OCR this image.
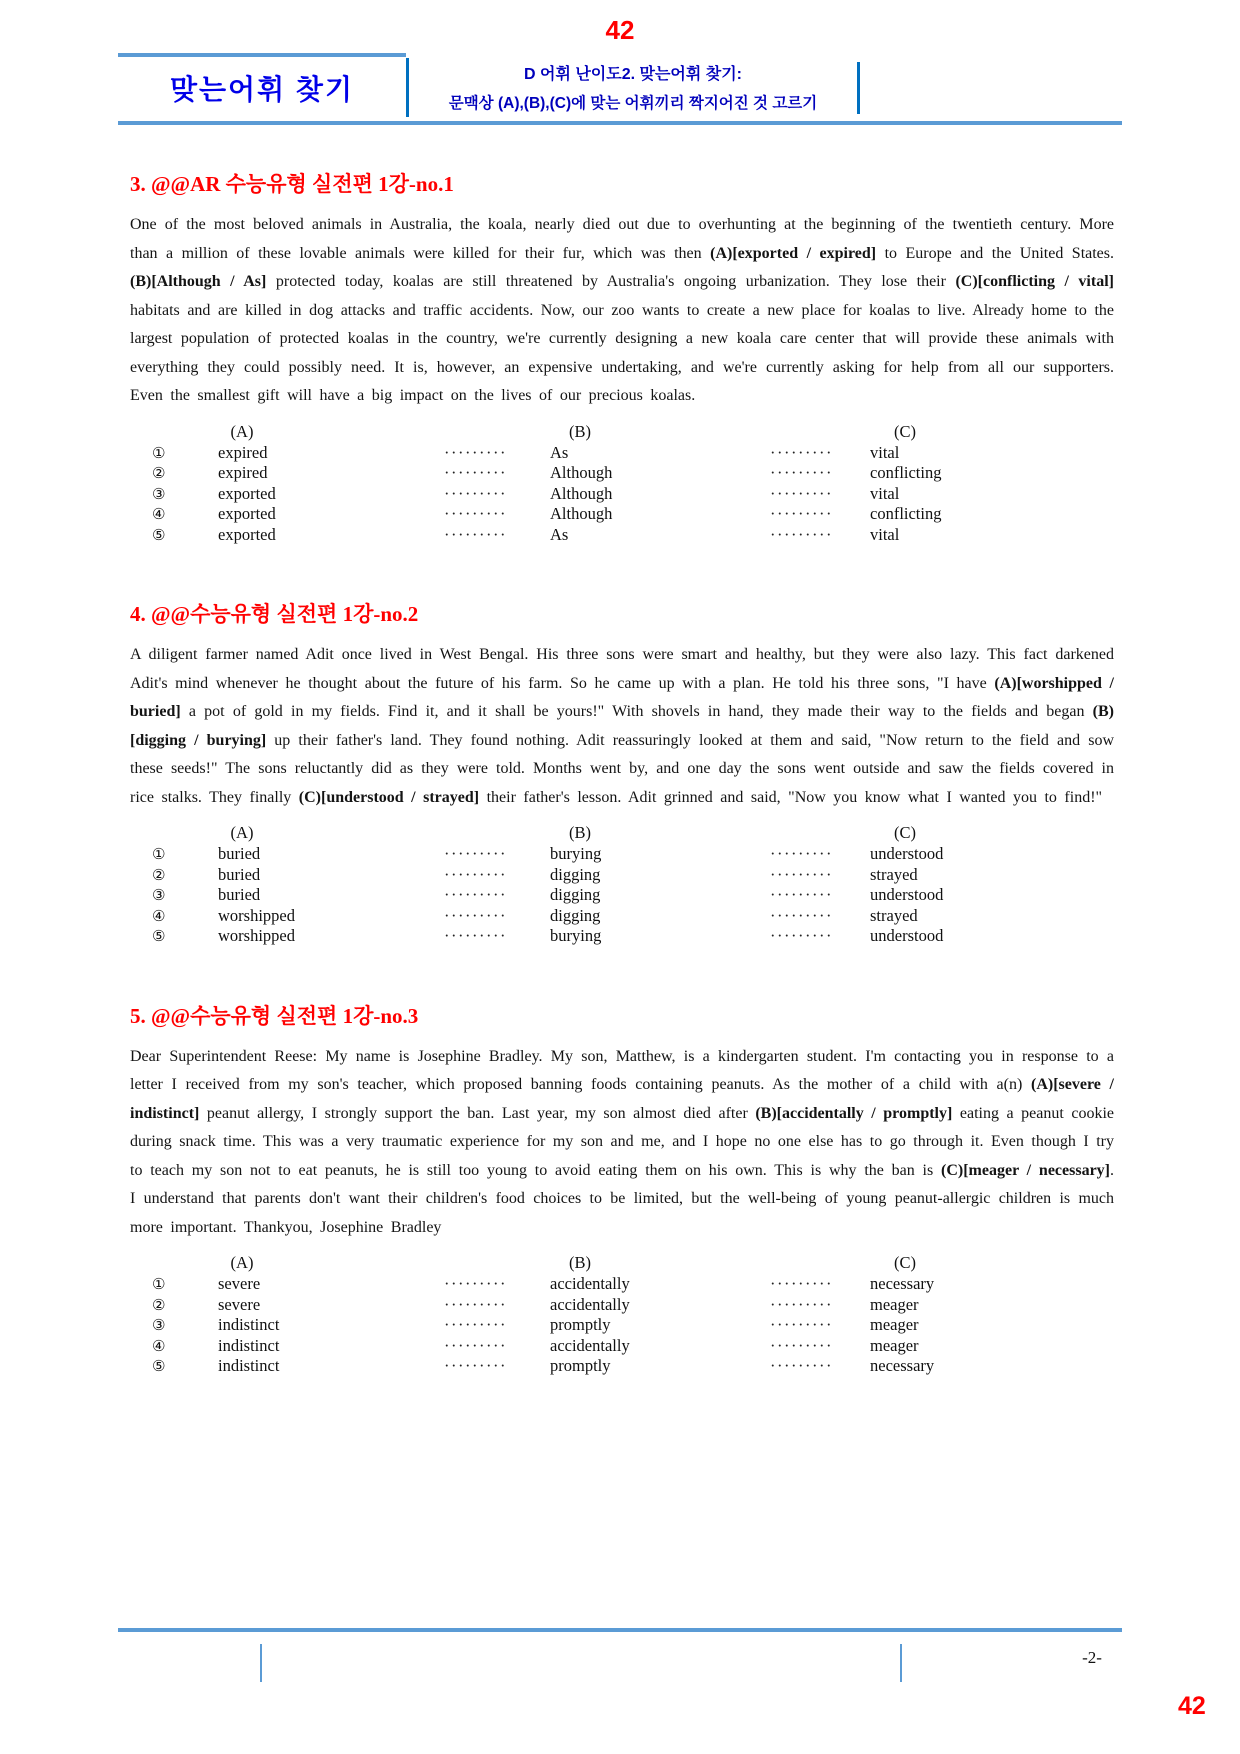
42
맞는어휘 찾기	D 어휘 난이도2. 맞는어휘 찾기:
문맥상 (A),(B),(C)에 맞는 어휘끼리 짝지어진 것 고르기
3. @@AR 수능유형 실전편 1강-no.1

One of the most beloved animals in Australia, the koala, nearly died out due to overhunting at the beginning of the twentieth century. More than a million of these lovable animals were killed for their fur, which was then (A)[exported / expired] to Europe and the United States. (B)[Although / As] protected today, koalas are still threatened by Australia's ongoing urbanization. They lose their (C)[conflicting / vital] habitats and are killed in dog attacks and traffic accidents. Now, our zoo wants to create a new place for koalas to live. Already home to the largest population of protected koalas in the country, we're currently designing a new koala care center that will provide these animals with everything they could possibly need. It is, however, an expensive undertaking, and we're currently asking for help from all our supporters. Even the smallest gift will have a big impact on the lives of our precious koalas.

(A)	(B)	(C)
①	expired	·········	As	·········	vital
②	expired	·········	Although	·········	conflicting
③	exported	·········	Although	·········	vital
④	exported	·········	Although	·········	conflicting
⑤	exported	·········	As	·········	vital
4. @@수능유형 실전편 1강-no.2

A diligent farmer named Adit once lived in West Bengal. His three sons were smart and healthy, but they were also lazy. This fact darkened Adit's mind whenever he thought about the future of his farm. So he came up with a plan. He told his three sons, "I have (A)[worshipped / buried] a pot of gold in my fields. Find it, and it shall be yours!" With shovels in hand, they made their way to the fields and began (B)[digging / burying] up their father's land. They found nothing. Adit reassuringly looked at them and said, "Now return to the field and sow these seeds!" The sons reluctantly did as they were told. Months went by, and one day the sons went outside and saw the fields covered in rice stalks. They finally (C)[understood / strayed] their father's lesson. Adit grinned and said, "Now you know what I wanted you to find!"

(A)	(B)	(C)
①	buried	·········	burying	·········	understood
②	buried	·········	digging	·········	strayed
③	buried	·········	digging	·········	understood
④	worshipped	·········	digging	·········	strayed
⑤	worshipped	·········	burying	·········	understood
5. @@수능유형 실전편 1강-no.3

Dear Superintendent Reese: My name is Josephine Bradley. My son, Matthew, is a kindergarten student. I'm contacting you in response to a letter I received from my son's teacher, which proposed banning foods containing peanuts. As the mother of a child with a(n) (A)[severe / indistinct] peanut allergy, I strongly support the ban. Last year, my son almost died after (B)[accidentally / promptly] eating a peanut cookie during snack time. This was a very traumatic experience for my son and me, and I hope no one else has to go through it. Even though I try to teach my son not to eat peanuts, he is still too young to avoid eating them on his own. This is why the ban is (C)[meager / necessary]. I understand that parents don't want their children's food choices to be limited, but the well-being of young peanut-allergic children is much more important. Thankyou, Josephine Bradley

(A)	(B)	(C)
①	severe	·········	accidentally	·········	necessary
②	severe	·········	accidentally	·········	meager
③	indistinct	·········	promptly	·········	meager
④	indistinct	·········	accidentally	·········	meager
⑤	indistinct	·········	promptly	·········	necessary
-2-
42
